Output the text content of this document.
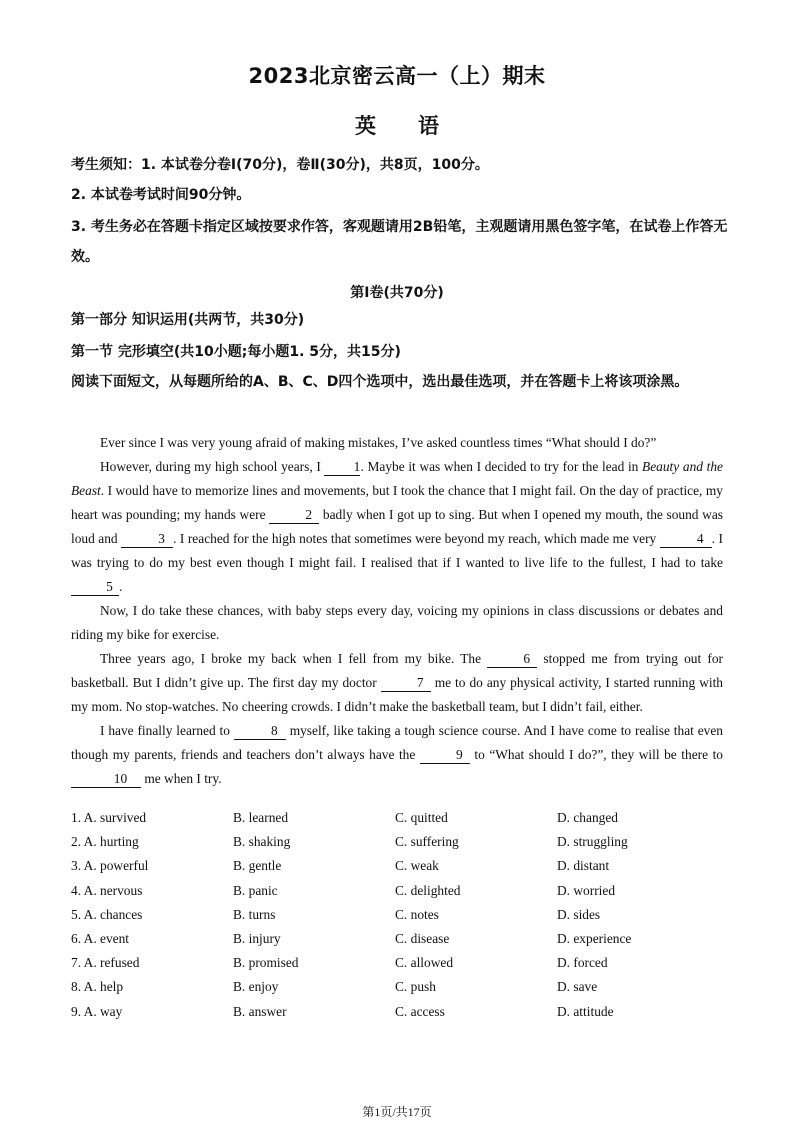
2023北京密云高一（上）期末
英　　语
考生须知：1. 本试卷分卷Ⅰ(70分)，卷Ⅱ(30分)，共8页，100分。
2. 本试卷考试时间90分钟。
3. 考生务必在答题卡指定区域按要求作答，客观题请用2B铅笔，主观题请用黑色签字笔，在试卷上作答无效。
第Ⅰ卷(共70分)
第一部分 知识运用(共两节，共30分)
第一节 完形填空(共10小题;每小题1. 5分，共15分)
阅读下面短文，从每题所给的A、B、C、D四个选项中，选出最佳选项，并在答题卡上将该项涂黑。

Ever since I was very young afraid of making mistakes, I’ve asked countless times “What should I do?”

However, during my high school years, I 1. Maybe it was when I decided to try for the lead in Beauty and the Beast. I would have to memorize lines and movements, but I took the chance that I might fail. On the day of practice, my heart was pounding; my hands were	2 badly when I got up to sing. But when I opened my mouth, the sound was loud and	3 . I reached for the high notes that sometimes were beyond my reach, which made me very	4 . I was trying to do my best even though I might fail. I realised that if I wanted to live life to the fullest, I had to take 5 .

Now, I do take these chances, with baby steps every day, voicing my opinions in class discussions or debates and riding my bike for exercise.

Three years ago, I broke my back when I fell from my bike. The	6 stopped me from trying out for basketball. But I didn’t give up. The first day my doctor	7 me to do any physical activity, I started running with my mom. No stop-watches. No cheering crowds. I didn’t make the basketball team, but I didn’t fail, either.

I have finally learned to	8 myself, like taking a tough science course. And I have come to realise that even though my parents, friends and teachers don’t always have the	9 to “What should I do?”, they will be there to 10 me when I try.

1. A. survived	B. learned	C. quitted	D. changed
2. A. hurting	B. shaking	C. suffering	D. struggling
3. A. powerful	B. gentle	C. weak	D. distant
4. A. nervous	B. panic	C. delighted	D. worried
5. A. chances	B. turns	C. notes	D. sides
6. A. event	B. injury	C. disease	D. experience
7. A. refused	B. promised	C. allowed	D. forced
8. A. help	B. enjoy	C. push	D. save
9. A. way	B. answer	C. access	D. attitude
第1页/共17页
